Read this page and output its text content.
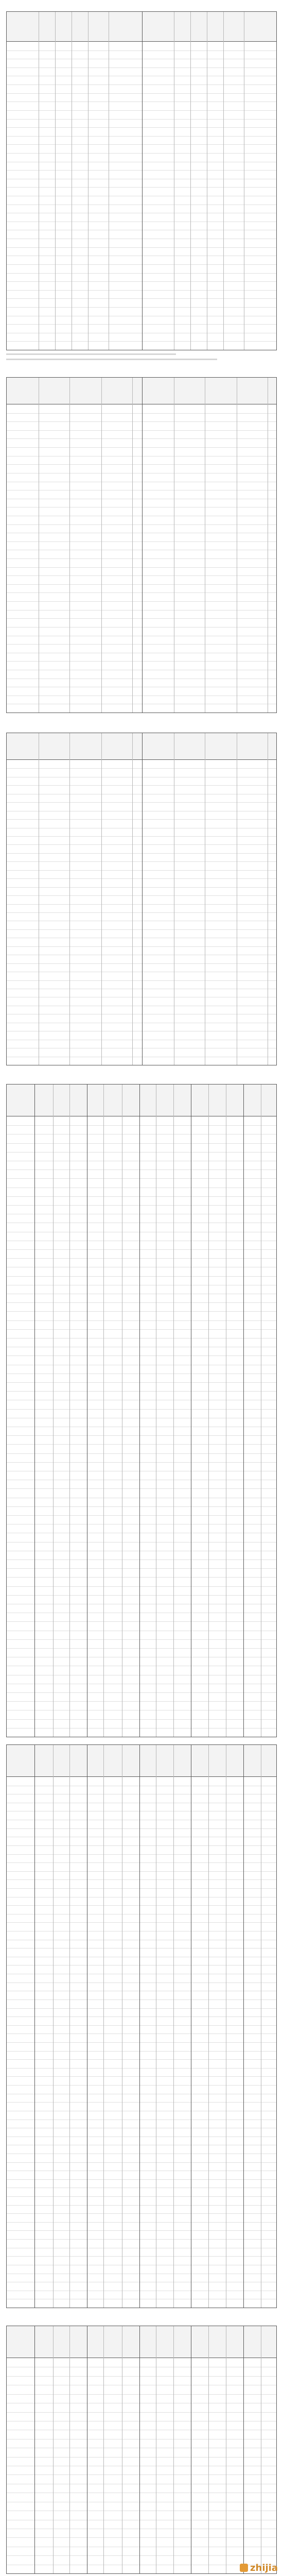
zhijia
